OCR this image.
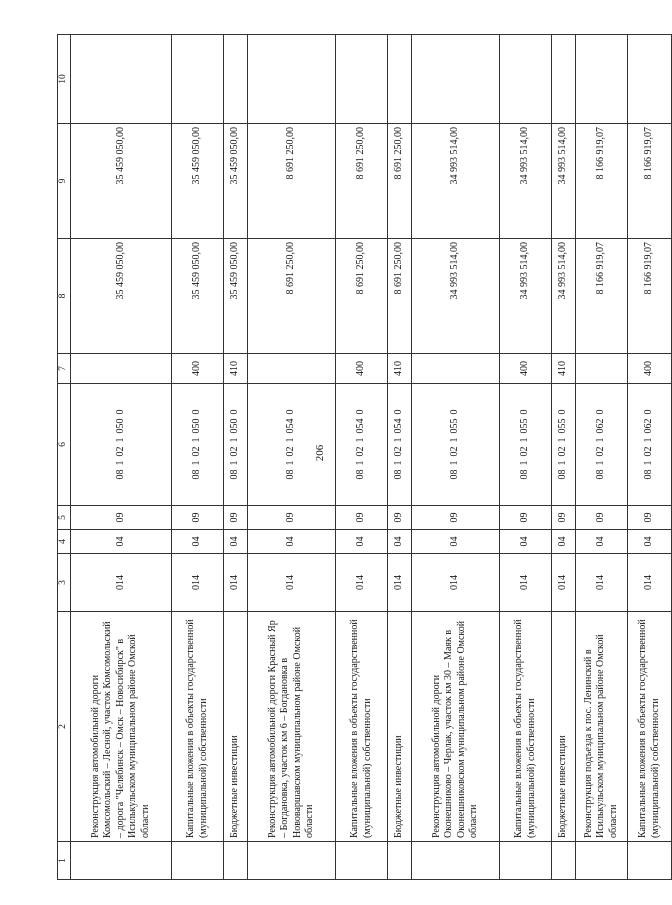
206
1	2	3	4	5	6	7	8	9	10
	Реконструкция автомобильной дороги Комсомольский – Лесной, участок Комсомольский – дорога "Челябинск – Омск – Новосибирск" в Исилькульском муниципальном районе Омской области	014	04	09	0810210500		35 459 050,00	35 459 050,00	
	Капитальные вложения в объекты государственной (муниципальной) собственности	014	04	09	0810210500	400	35 459 050,00	35 459 050,00	
	Бюджетные инвестиции	014	04	09	0810210500	410	35 459 050,00	35 459 050,00	
	Реконструкция автомобильной дороги Красный Яр – Богдановка, участок км 6 – Богдановка в Нововаршавском муниципальном районе Омской области	014	04	09	0810210540		8 691 250,00	8 691 250,00	
	Капитальные вложения в объекты государственной (муниципальной) собственности	014	04	09	0810210540	400	8 691 250,00	8 691 250,00	
	Бюджетные инвестиции	014	04	09	0810210540	410	8 691 250,00	8 691 250,00	
	Реконструкция автомобильной дороги Оконешниково – Черлак, участок км 30 – Маяк в Оконешниковском муниципальном районе Омской области	014	04	09	0810210550		34 993 514,00	34 993 514,00	
	Капитальные вложения в объекты государственной (муниципальной) собственности	014	04	09	0810210550	400	34 993 514,00	34 993 514,00	
	Бюджетные инвестиции	014	04	09	0810210550	410	34 993 514,00	34 993 514,00	
	Реконструкция подъезда к пос. Ленинский в Исилькульском муниципальном районе Омской области	014	04	09	0810210620		8 166 919,07	8 166 919,07	
	Капитальные вложения в объекты государственной (муниципальной) собственности	014	04	09	0810210620	400	8 166 919,07	8 166 919,07	
